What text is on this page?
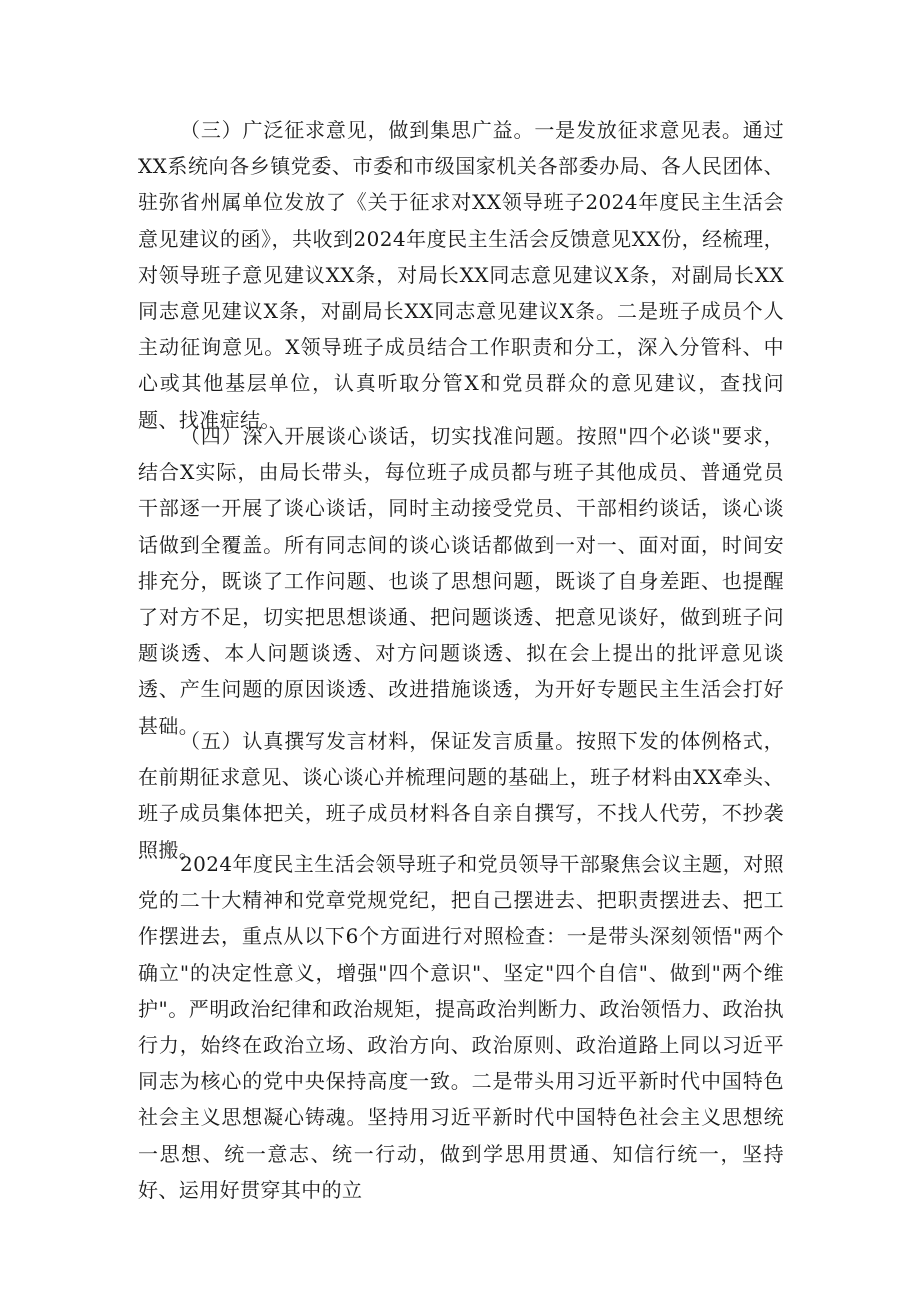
（三）广泛征求意见，做到集思广益。一是发放征求意见表。通过XX系统向各乡镇党委、市委和市级国家机关各部委办局、各人民团体、驻弥省州属单位发放了《关于征求对XX领导班子2024年度民主生活会意见建议的函》，共收到2024年度民主生活会反馈意见XX份，经梳理，对领导班子意见建议XX条，对局长XX同志意见建议X条，对副局长XX同志意见建议X条，对副局长XX同志意见建议X条。二是班子成员个人主动征询意见。X领导班子成员结合工作职责和分工，深入分管科、中心或其他基层单位，认真听取分管X和党员群众的意见建议，查找问题、找准症结。

（四）深入开展谈心谈话，切实找准问题。按照"四个必谈"要求，结合X实际，由局长带头，每位班子成员都与班子其他成员、普通党员干部逐一开展了谈心谈话，同时主动接受党员、干部相约谈话，谈心谈话做到全覆盖。所有同志间的谈心谈话都做到一对一、面对面，时间安排充分，既谈了工作问题、也谈了思想问题，既谈了自身差距、也提醒了对方不足，切实把思想谈通、把问题谈透、把意见谈好，做到班子问题谈透、本人问题谈透、对方问题谈透、拟在会上提出的批评意见谈透、产生问题的原因谈透、改进措施谈透，为开好专题民主生活会打好甚础。

（五）认真撰写发言材料，保证发言质量。按照下发的体例格式，在前期征求意见、谈心谈心并梳理问题的基础上，班子材料由XX牵头、班子成员集体把关，班子成员材料各自亲自撰写，不找人代劳，不抄袭照搬。

2024年度民主生活会领导班子和党员领导干部聚焦会议主题，对照党的二十大精神和党章党规党纪，把自己摆进去、把职责摆进去、把工作摆进去，重点从以下6个方面进行对照检查：一是带头深刻领悟"两个确立"的决定性意义，增强"四个意识"、坚定"四个自信"、做到"两个维护"。严明政治纪律和政治规矩，提高政治判断力、政治领悟力、政治执行力，始终在政治立场、政治方向、政治原则、政治道路上同以习近平同志为核心的党中央保持高度一致。二是带头用习近平新时代中国特色社会主义思想凝心铸魂。坚持用习近平新时代中国特色社会主义思想统一思想、统一意志、统一行动，做到学思用贯通、知信行统一，坚持好、运用好贯穿其中的立
